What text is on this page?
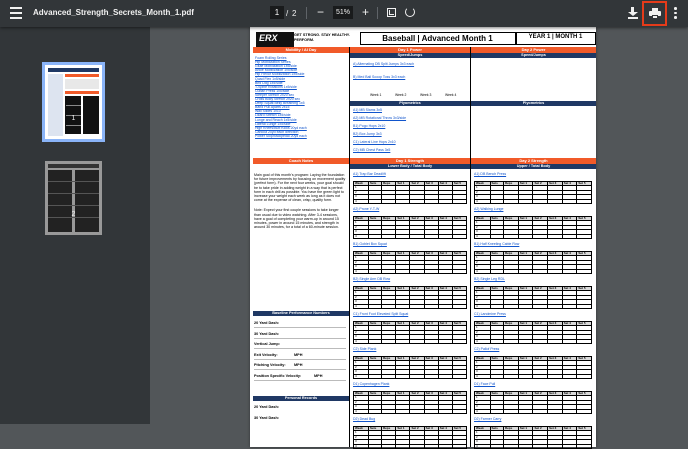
Advanced_Strength_Secrets_Month_1.pdf	1 / 2 −	51% +
1
2
ERX	GET STRONG. STAY HEALTHY. PERFORM.	Baseball | Advanced Month 1	YEAR 1 | MONTH 1
Mobility / AI Day	Day 1 Power	Day 2 Power
Speed/Jumps	Speed/Jumps
Foam Rolling Series
Hip Mobilization Series
Glute Mobilization 1x5/side
Ankle Mobilization 1x5/side
Hip Flexor Mobilization 1x5/side
Quad Flex 1x5/side
Bird Dog 1x5/side
T-Spine Rotations 1x5/side
Cuban Press 1x5/side
Sleeper Stretch 2x20 sec
Cross Body Stretch 2x20 sec
Deep Squat Belly Breathing 1x5
Band Pull Aparts 2x15
Wall Slides 1x10
Lizard Stretch 1x5/side
Lunge and Reach 1x5/side
Lateral Lunge 1x5/side
High Knees/Butt Kicks 20yd each
Carioca 20yd each direction
Power Skip/backpedal 20yd each
A) Alternating DB Split Jumps 3x3 each
B) Med Ball Scoop Toss 3x3 each
Week 1	Week 2	Week 3	Week 4
Plyometrics	Plyometrics
A1) MB Slams 3x5
A2) MB Rotational Throw 3x3/side
B1) Pogo Hops 2x10
B2) Box Jump 3x3
C1) Lateral Line Hops 2x10
C2) MB Chest Pass 3x5
Coach Notes	Day 1 Strength	Day 2 Strength
Lower Body / Total Body	Upper / Total Body

Main goal of this month's program: Laying the foundation for future improvements by focusing on movement quality (perfect form). For the next four weeks, your goal should be to take pride in adding weight in a way that is perfect form in each drill as possible. You have the green light to increase your weight each week as long as it does not come at the expense of clean, crisp, quality form.

Note: Expect your first couple sessions to take longer than usual due to video watching. After 3-4 sessions, have a goal of completing your warm-up in around 15 minutes, power in around 15 minutes, and strength in around 30 minutes, for a total of a 60-minute session.

Baseline Performance Numbers
20 Yard Dash:
30 Yard Dash:
Vertical Jump:
Exit Velocity:	MPH
Pitching Velocity: MPH
Position Specific Velocity:	MPH
Personal Records
20 Yard Dash:
30 Yard Dash:
A1) Trap Bar Deadlift
Week	Sets	Reps	Set 1	Set 2	Set 3	Set 4	Set 5
1							
2							
3							
4							
A2) Prone Y-T-W
Week	Sets	Reps	Set 1	Set 2	Set 3	Set 4	Set 5
1							
2							
3							
4							
B1) Goblet Box Squat
Week	Sets	Reps	Set 1	Set 2	Set 3	Set 4	Set 5
1							
2							
3							
4							
B2) Single Arm DB Row
Week	Sets	Reps	Set 1	Set 2	Set 3	Set 4	Set 5
1							
2							
3							
4							
C1) Front Foot Elevated Split Squat
Week	Sets	Reps	Set 1	Set 2	Set 3	Set 4	Set 5
1							
2							
3							
4							
C2) Side Plank
Week	Sets	Reps	Set 1	Set 2	Set 3	Set 4	Set 5
1							
2							
3							
4							
D1) Copenhagen Plank
Week	Sets	Reps	Set 1	Set 2	Set 3	Set 4	Set 5
1							
2							
3							
4							
D2) Dead Bug
Week	Sets	Reps	Set 1	Set 2	Set 3	Set 4	Set 5
1							
2							
3							
4							
A1) DB Bench Press
Week	Sets	Reps	Set 1	Set 2	Set 3	Set 4	Set 5
1							
2							
3							
4							
A2) Walking Lunge
Week	Sets	Reps	Set 1	Set 2	Set 3	Set 4	Set 5
1							
2							
3							
4							
B1) Half Kneeling Cable Row
Week	Sets	Reps	Set 1	Set 2	Set 3	Set 4	Set 5
1							
2							
3							
4							
B2) Single Leg RDL
Week	Sets	Reps	Set 1	Set 2	Set 3	Set 4	Set 5
1							
2							
3							
4							
C1) Landmine Press
Week	Sets	Reps	Set 1	Set 2	Set 3	Set 4	Set 5
1							
2							
3							
4							
C2) Pallof Press
Week	Sets	Reps	Set 1	Set 2	Set 3	Set 4	Set 5
1							
2							
3							
4							
D1) Face Pull
Week	Sets	Reps	Set 1	Set 2	Set 3	Set 4	Set 5
1							
2							
3							
4							
D2) Farmer Carry
Week	Sets	Reps	Set 1	Set 2	Set 3	Set 4	Set 5
1							
2							
3							
4							
